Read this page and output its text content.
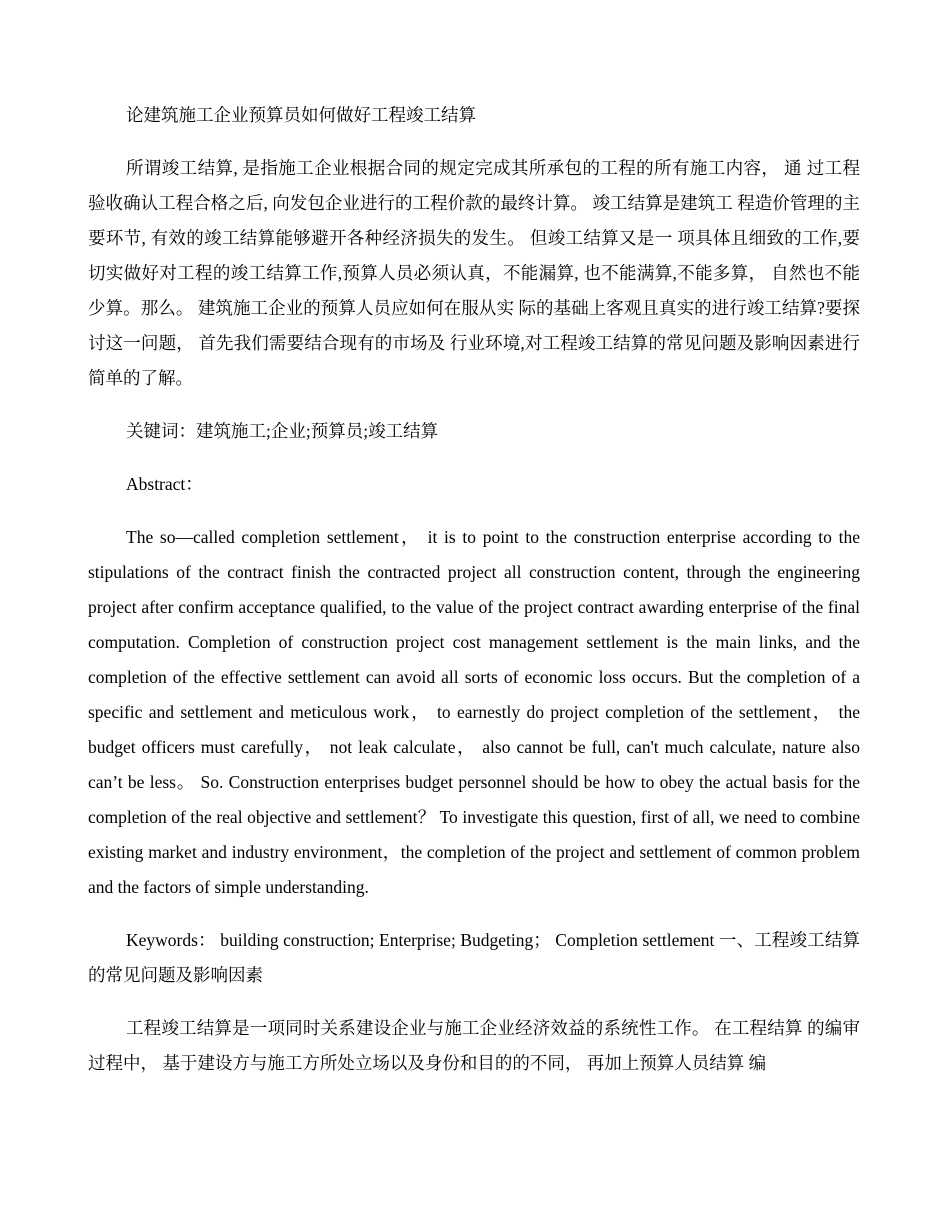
论建筑施工企业预算员如何做好工程竣工结算

所谓竣工结算, 是指施工企业根据合同的规定完成其所承包的工程的所有施工内容， 通 过工程验收确认工程合格之后, 向发包企业进行的工程价款的最终计算。 竣工结算是建筑工 程造价管理的主要环节, 有效的竣工结算能够避开各种经济损失的发生。 但竣工结算又是一 项具体且细致的工作,要切实做好对工程的竣工结算工作,预算人员必须认真，不能漏算, 也不能满算,不能多算， 自然也不能少算。那么。 建筑施工企业的预算人员应如何在服从实 际的基础上客观且真实的进行竣工结算?要探讨这一问题， 首先我们需要结合现有的市场及 行业环境,对工程竣工结算的常见问题及影响因素进行简单的了解。

关键词：建筑施工;企业;预算员;竣工结算

Abstract：

The so—called completion settlement， it is to point to the construction enterprise according to the stipulations of the contract finish the contracted project all construction content, through the engineering project after confirm acceptance qualified, to the value of the project contract awarding enterprise of the final computation. Completion of construction project cost management settlement is the main links, and the completion of the effective settlement can avoid all sorts of economic loss occurs. But the completion of a specific and settlement and meticulous work， to earnestly do project completion of the settlement， the budget officers must carefully， not leak calculate， also cannot be full, can't much calculate, nature also can’t be less。 So. Construction enterprises budget personnel should be how to obey the actual basis for the completion of the real objective and settlement？ To investigate this question, first of all, we need to combine existing market and industry environment，the completion of the project and settlement of common problem and the factors of simple understanding.

Keywords： building construction; Enterprise; Budgeting； Completion settlement 一、工程竣工结算的常见问题及影响因素

工程竣工结算是一项同时关系建设企业与施工企业经济效益的系统性工作。 在工程结算 的编审过程中， 基于建设方与施工方所处立场以及身份和目的的不同， 再加上预算人员结算 编
